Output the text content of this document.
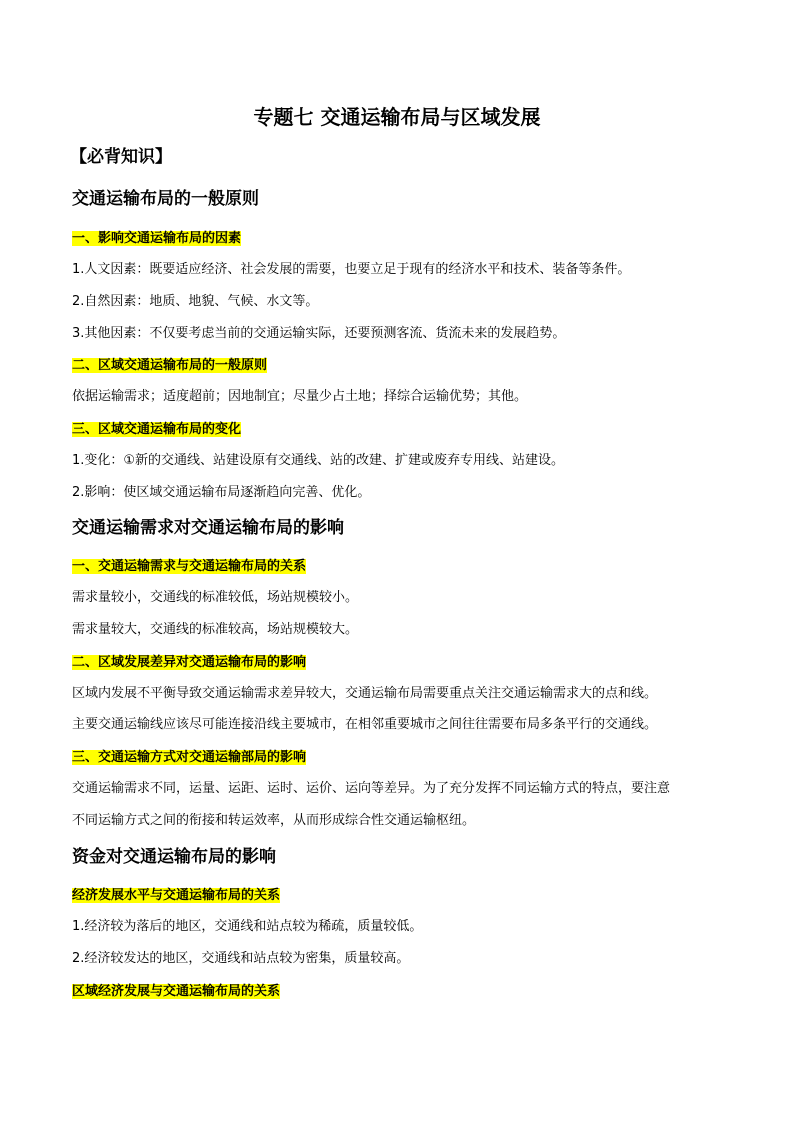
专题七 交通运输布局与区域发展
【必背知识】
交通运输布局的一般原则
一、影响交通运输布局的因素
1.人文因素：既要适应经济、社会发展的需要，也要立足于现有的经济水平和技术、装备等条件。
2.自然因素：地质、地貌、气候、水文等。
3.其他因素：不仅要考虑当前的交通运输实际，还要预测客流、货流未来的发展趋势。
二、区域交通运输布局的一般原则
依据运输需求；适度超前；因地制宜；尽量少占土地；择综合运输优势；其他。
三、区域交通运输布局的变化
1.变化：①新的交通线、站建设原有交通线、站的改建、扩建或废弃专用线、站建设。
2.影响：使区域交通运输布局逐渐趋向完善、优化。
交通运输需求对交通运输布局的影响
一、交通运输需求与交通运输布局的关系
需求量较小，交通线的标准较低，场站规模较小。
需求量较大，交通线的标准较高，场站规模较大。
二、区域发展差异对交通运输布局的影响
区域内发展不平衡导致交通运输需求差异较大，交通运输布局需要重点关注交通运输需求大的点和线。
主要交通运输线应该尽可能连接沿线主要城市，在相邻重要城市之间往往需要布局多条平行的交通线。
三、交通运输方式对交通运输部局的影响
交通运输需求不同，运量、运距、运时、运价、运向等差异。为了充分发挥不同运输方式的特点，要注意
不同运输方式之间的衔接和转运效率，从而形成综合性交通运输枢纽。
资金对交通运输布局的影响
经济发展水平与交通运输布局的关系
1.经济较为落后的地区，交通线和站点较为稀疏，质量较低。
2.经济较发达的地区，交通线和站点较为密集，质量较高。
区域经济发展与交通运输布局的关系
